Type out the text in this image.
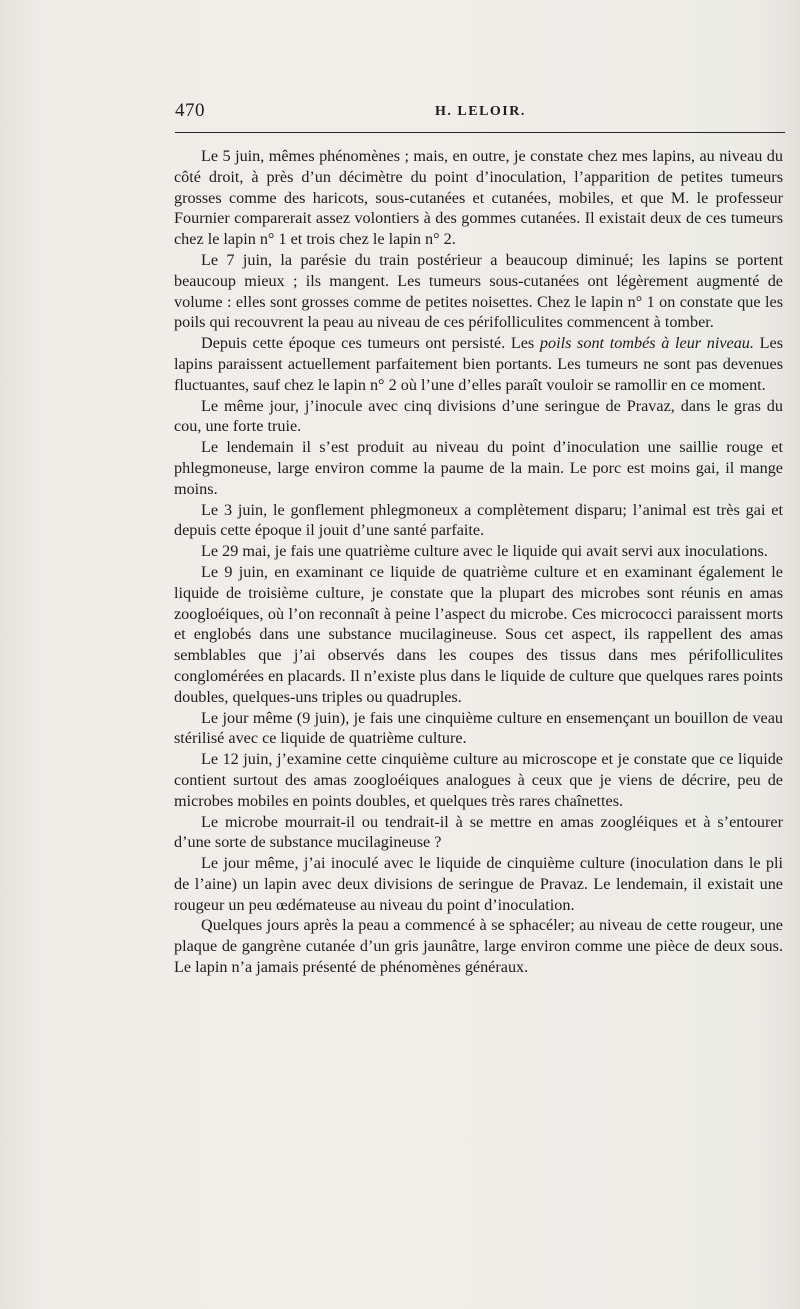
470	H. LELOIR.

Le 5 juin, mêmes phénomènes ; mais, en outre, je constate chez mes lapins, au niveau du côté droit, à près d’un décimètre du point d’inoculation, l’apparition de petites tumeurs grosses comme des haricots, sous-cutanées et cutanées, mobiles, et que M. le professeur Fournier comparerait assez volontiers à des gommes cutanées. Il existait deux de ces tumeurs chez le lapin n° 1 et trois chez le lapin n° 2.

Le 7 juin, la parésie du train postérieur a beaucoup diminué; les lapins se portent beaucoup mieux ; ils mangent. Les tumeurs sous-cutanées ont légèrement augmenté de volume : elles sont grosses comme de petites noisettes. Chez le lapin n° 1 on constate que les poils qui recouvrent la peau au niveau de ces périfolliculites commencent à tomber.

Depuis cette époque ces tumeurs ont persisté. Les poils sont tombés à leur niveau. Les lapins paraissent actuellement parfaitement bien portants. Les tumeurs ne sont pas devenues fluctuantes, sauf chez le lapin n° 2 où l’une d’elles paraît vouloir se ramollir en ce moment.

Le même jour, j’inocule avec cinq divisions d’une seringue de Pravaz, dans le gras du cou, une forte truie.

Le lendemain il s’est produit au niveau du point d’inoculation une saillie rouge et phlegmoneuse, large environ comme la paume de la main. Le porc est moins gai, il mange moins.

Le 3 juin, le gonflement phlegmoneux a complètement disparu; l’animal est très gai et depuis cette époque il jouit d’une santé parfaite.

Le 29 mai, je fais une quatrième culture avec le liquide qui avait servi aux inoculations.

Le 9 juin, en examinant ce liquide de quatrième culture et en examinant également le liquide de troisième culture, je constate que la plupart des microbes sont réunis en amas zoogloéiques, où l’on reconnaît à peine l’aspect du microbe. Ces micrococci paraissent morts et englobés dans une substance mucilagineuse. Sous cet aspect, ils rappellent des amas semblables que j’ai observés dans les coupes des tissus dans mes périfolliculites conglomérées en placards. Il n’existe plus dans le liquide de culture que quelques rares points doubles, quelques-uns triples ou quadruples.

Le jour même (9 juin), je fais une cinquième culture en ensemençant un bouillon de veau stérilisé avec ce liquide de quatrième culture.

Le 12 juin, j’examine cette cinquième culture au microscope et je constate que ce liquide contient surtout des amas zoogloéiques analogues à ceux que je viens de décrire, peu de microbes mobiles en points doubles, et quelques très rares chaînettes.

Le microbe mourrait-il ou tendrait-il à se mettre en amas zoogléiques et à s’entourer d’une sorte de substance mucilagineuse ?

Le jour même, j’ai inoculé avec le liquide de cinquième culture (inoculation dans le pli de l’aine) un lapin avec deux divisions de seringue de Pravaz. Le lendemain, il existait une rougeur un peu œdémateuse au niveau du point d’inoculation.

Quelques jours après la peau a commencé à se sphacéler; au niveau de cette rougeur, une plaque de gangrène cutanée d’un gris jaunâtre, large environ comme une pièce de deux sous. Le lapin n’a jamais présenté de phénomènes généraux.
